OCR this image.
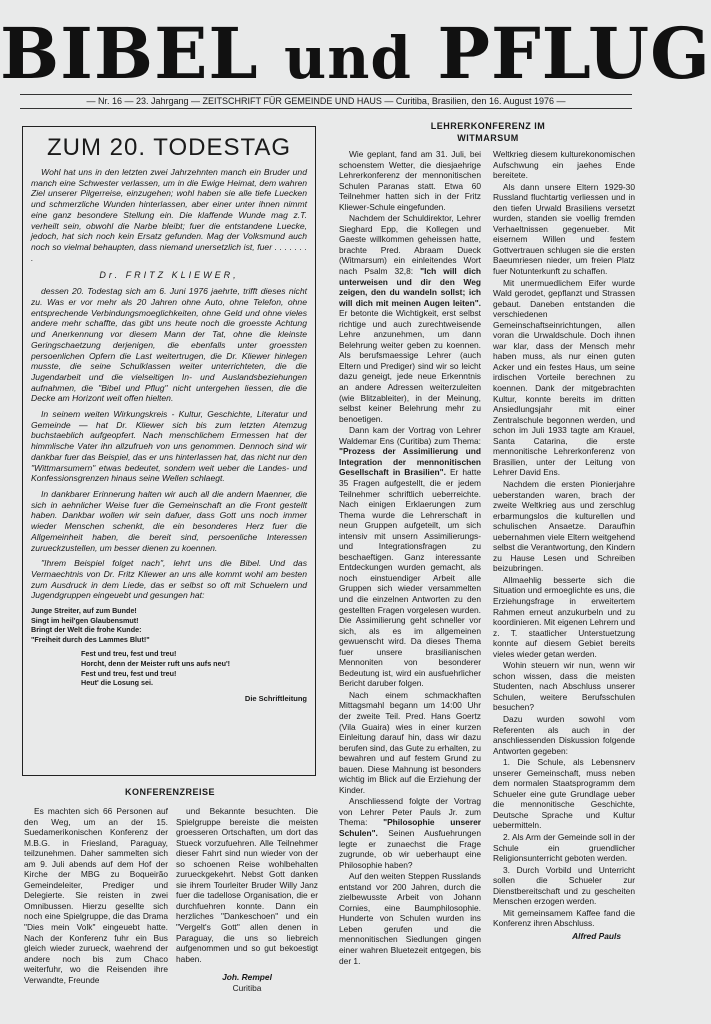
BIBEL und PFLUG
— Nr. 16 — 23. Jahrgang — ZEITSCHRIFT FÜR GEMEINDE UND HAUS — Curitiba, Brasilien, den 16. August 1976 —
ZUM 20. TODESTAG

Wohl hat uns in den letzten zwei Jahrzehnten manch ein Bruder und manch eine Schwester verlassen, um in die Ewige Heimat, dem wahren Ziel unserer Pilgerreise, einzugehen; wohl haben sie alle tiefe Luecken und schmerzliche Wunden hinterlassen, aber einer unter ihnen nimmt eine ganz besondere Stellung ein. Die klaffende Wunde mag z.T. verheilt sein, obwohl die Narbe bleibt; fuer die entstandene Luecke, jedoch, hat sich noch kein Ersatz gefunden. Mag der Volksmund auch noch so vielmal behaupten, dass niemand unersetzlich ist, fuer . . . . . . . .

Dr. FRITZ KLIEWER,

dessen 20. Todestag sich am 6. Juni 1976 jaehrte, trifft dieses nicht zu. Was er vor mehr als 20 Jahren ohne Auto, ohne Telefon, ohne entsprechende Verbindungsmoeglichkeiten, ohne Geld und ohne vieles andere mehr schaffte, das gibt uns heute noch die groesste Achtung und Anerkennung vor diesem Mann der Tat, ohne die kleinste Geringschaetzung derjenigen, die ebenfalls unter groessten persoenlichen Opfern die Last weitertrugen, die Dr. Kliewer hinlegen musste, die seine Schulklassen weiter unterrichteten, die die Jugendarbeit und die vielseitigen In- und Auslandsbeziehungen aufnahmen, die "Bibel und Pflug" nicht untergehen liessen, die die Decke am Horizont weit offen hielten.

In seinem weiten Wirkungskreis - Kultur, Geschichte, Literatur und Gemeinde — hat Dr. Kliewer sich bis zum letzten Atemzug buchstaeblich aufgeopfert. Nach menschlichem Ermessen hat der himmlische Vater ihn allzufrueh von uns genommen. Dennoch sind wir dankbar fuer das Beispiel, das er uns hinterlassen hat, das nicht nur den "Wittmarsumern" etwas bedeutet, sondern weit ueber die Landes- und Konfessionsgrenzen hinaus seine Wellen schlaegt.

In dankbarer Erinnerung halten wir auch all die andern Maenner, die sich in aehnlicher Weise fuer die Gemeinschaft an die Front gestellt haben. Dankbar wollen wir sein dafuer, dass Gott uns noch immer wieder Menschen schenkt, die ein besonderes Herz fuer die Allgemeinheit haben, die bereit sind, persoenliche Interessen zurueckzustellen, um besser dienen zu koennen.

"Ihrem Beispiel folget nach", lehrt uns die Bibel. Und das Vermaechtnis von Dr. Fritz Kliewer an uns alle kommt wohl am besten zum Ausdruck in dem Liede, das er selbst so oft mit Schuelern und Jugendgruppen eingeuebt und gesungen hat:

Junge Streiter, auf zum Bunde!
Singt im heil'gen Glaubensmut!
Bringt der Welt die frohe Kunde:
"Freiheit durch des Lammes Blut!"
Fest und treu, fest und treu!
Horcht, denn der Meister ruft uns aufs neu'!
Fest und treu, fest und treu!
Heut' die Losung sei.
Die Schriftleitung
KONFERENZREISE

Es machten sich 66 Personen auf den Weg, um an der 15. Suedamerikonischen Konferenz der M.B.G. in Friesland, Paraguay, teilzunehmen. Daher sammelten sich am 9. Juli abends auf dem Hof der Kirche der MBG zu Boqueirão Gemeindeleiter, Prediger und Delegierte. Sie reisten in zwei Omnibussen. Hierzu gesellte sich noch eine Spielgruppe, die das Drama "Dies mein Volk" eingeuebt hatte. Nach der Konferenz fuhr ein Bus gleich wieder zurueck, waehrend der andere noch bis zum Chaco weiterfuhr, wo die Reisenden ihre Verwandte, Freunde

und Bekannte besuchten. Die Spielgruppe bereiste die meisten groesseren Ortschaften, um dort das Stueck vorzufuehren. Alle Teilnehmer dieser Fahrt sind nun wieder von der so schoenen Reise wohlbehalten zurueckgekehrt. Nebst Gott danken sie ihrem Tourleiter Bruder Willy Janz fuer die tadellose Organisation, die er durchfuehren konnte. Dann ein herzliches "Dankeschoen" und ein "Vergelt's Gott" allen denen in Paraguay, die uns so liebreich aufgenommen und so gut bekoestigt haben.

Joh. Rempel
Curitiba
LEHRERKONFERENZ IM WITMARSUM

Wie geplant, fand am 31. Juli, bei schoenstem Wetter, die diesjaehrige Lehrerkonferenz der mennonitischen Schulen Paranas statt. Etwa 60 Teilnehmer hatten sich in der Fritz Kliewer-Schule eingefunden.

Nachdem der Schuldirektor, Lehrer Sieghard Epp, die Kollegen und Gaeste willkommen geheissen hatte, brachte Pred. Abraam Dueck (Witmarsum) ein einleitendes Wort nach Psalm 32,8: "Ich will dich unterweisen und dir den Weg zeigen, den du wandeln sollst; ich will dich mit meinen Augen leiten". Er betonte die Wichtigkeit, erst selbst richtige und auch zurechtweisende Lehre anzunehmen, um dann Belehrung weiter geben zu koennen. Als berufsmaessige Lehrer (auch Eltern und Prediger) sind wir so leicht dazu geneigt, jede neue Erkenntnis an andere Adressen weiterzuleiten (wie Blitzableiter), in der Meinung, selbst keiner Belehrung mehr zu benoetigen.

Dann kam der Vortrag von Lehrer Waldemar Ens (Curitiba) zum Thema: "Prozess der Assimilierung und Integration der mennonitischen Gesellschaft in Brasilien". Er hatte 35 Fragen aufgestellt, die er jedem Teilnehmer schriftlich ueberreichte. Nach einigen Erklaerungen zum Thema wurde die Lehrerschaft in neun Gruppen aufgeteilt, um sich intensiv mit unsern Assimilierungs- und Integrationsfragen zu beschaeftigen. Ganz interessante Entdeckungen wurden gemacht, als noch einstuendiger Arbeit alle Gruppen sich wieder versammelten und die einzelnen Antworten zu den gestellten Fragen vorgelesen wurden. Die Assimilierung geht schneller vor sich, als es im allgemeinen gewuenscht wird. Da dieses Thema fuer unsere brasilianischen Mennoniten von besonderer Bedeutung ist, wird ein ausfuehrlicher Bericht daruber folgen.

Nach einem schmackhaften Mittagsmahl begann um 14:00 Uhr der zweite Teil. Pred. Hans Goertz (Vila Guaira) wies in einer kurzen Einleitung darauf hin, dass wir dazu berufen sind, das Gute zu erhalten, zu bewahren und auf festem Grund zu bauen. Diese Mahnung ist besonders wichtig im Blick auf die Erziehung der Kinder.

Anschliessend folgte der Vortrag von Lehrer Peter Pauls Jr. zum Thema: "Philosophie unserer Schulen". Seinen Ausfuehrungen legte er zunaechst die Frage zugrunde, ob wir ueberhaupt eine Philosophie haben?

Auf den weiten Steppen Russlands entstand vor 200 Jahren, durch die zielbewusste Arbeit von Johann Cornies, eine Baumphilosophie. Hunderte von Schulen wurden ins Leben gerufen und die mennonitischen Siedlungen gingen einer wahren Bluetezeit entgegen, bis der 1.

Weltkrieg diesem kulturekonomischen Aufschwung ein jaehes Ende bereitete.

Als dann unsere Eltern 1929-30 Russland fluchtartig verliessen und in den tiefen Urwald Brasiliens versetzt wurden, standen sie voellig fremden Verhaeltnissen gegenueber. Mit eisernem Willen und festem Gottvertrauen schlugen sie die ersten Baeumriesen nieder, um freien Platz fuer Notunterkunft zu schaffen.

Mit unermuedlichem Eifer wurde Wald gerodet, gepflanzt und Strassen gebaut. Daneben entstanden die verschiedenen Gemeinschaftseinrichtungen, allen voran die Urwaldschule. Doch ihnen war klar, dass der Mensch mehr haben muss, als nur einen guten Acker und ein festes Haus, um seine irdischen Vorteile berechnen zu koennen. Dank der mitgebrachten Kultur, konnte bereits im dritten Ansiedlungsjahr mit einer Zentralschule begonnen werden, und schon im Juli 1933 tagte am Krauel, Santa Catarina, die erste mennonitische Lehrerkonferenz von Brasilien, unter der Leitung von Lehrer David Ens.

Nachdem die ersten Pionierjahre ueberstanden waren, brach der zweite Weltkrieg aus und zerschlug erbarmungslos die kulturellen und schulischen Ansaetze. Daraufhin uebernahmen viele Eltern weitgehend selbst die Verantwortung, den Kindern zu Hause Lesen und Schreiben beizubringen.

Allmaehlig besserte sich die Situation und ermoeglichte es uns, die Erziehungsfrage in erweitertem Rahmen erneut anzukurbeln und zu koordinieren. Mit eigenen Lehrern und z. T. staatlicher Unterstuetzung konnte auf diesem Gebiet bereits vieles wieder getan werden.

Wohin steuern wir nun, wenn wir schon wissen, dass die meisten Studenten, nach Abschluss unserer Schulen, weitere Berufsschulen besuchen?

Dazu wurden sowohl vom Referenten als auch in der anschliessenden Diskussion folgende Antworten gegeben:

1. Die Schule, als Lebensnerv unserer Gemeinschaft, muss neben dem normalen Staatsprogramm dem Schueler eine gute Grundlage ueber die mennonitische Geschichte, Deutsche Sprache und Kultur uebermitteln.

2. Als Arm der Gemeinde soll in der Schule ein gruendlicher Religionsunterricht geboten werden.

3. Durch Vorbild und Unterricht sollen die Schueler zur Dienstbereitschaft und zu gescheiten Menschen erzogen werden.

Mit gemeinsamem Kaffee fand die Konferenz ihren Abschluss.

Alfred Pauls
